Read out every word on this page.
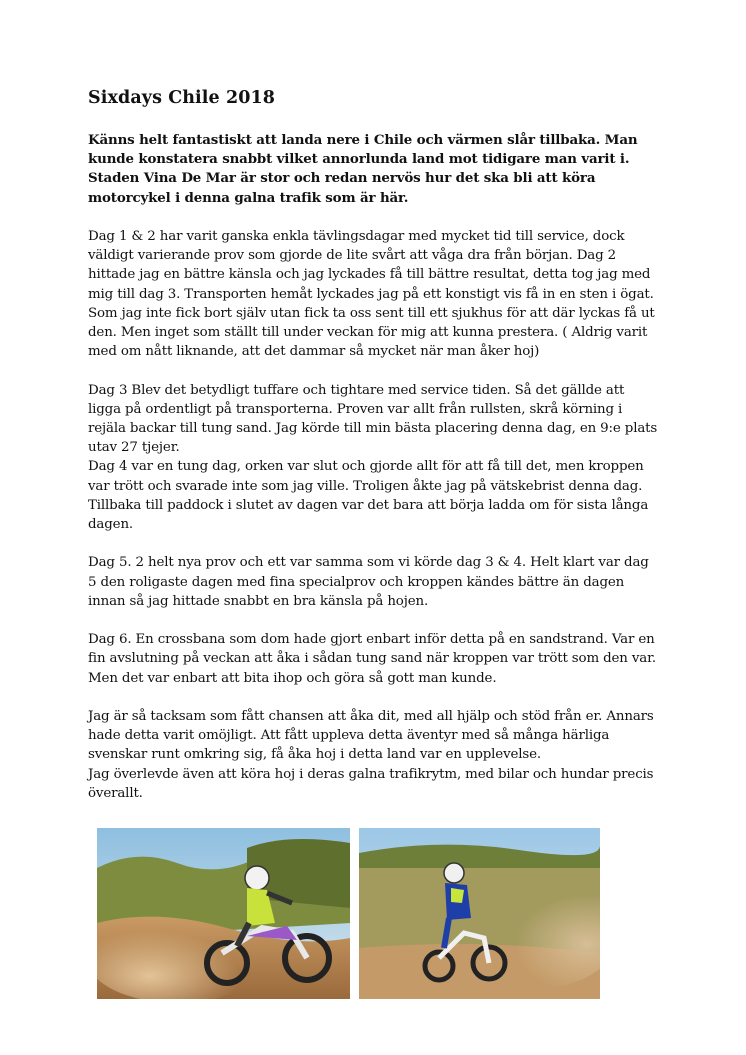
Sixdays Chile 2018

Känns helt fantastiskt att landa nere i Chile och värmen slår tillbaka. Man kunde konstatera snabbt vilket annorlunda land mot tidigare man varit i. Staden Vina De Mar är stor och redan nervös hur det ska bli att köra motorcykel i denna galna trafik som är här.

Dag 1 & 2 har varit ganska enkla tävlingsdagar med mycket tid till service, dock väldigt varierande prov som gjorde de lite svårt att våga dra från början. Dag 2 hittade jag en bättre känsla och jag lyckades få till bättre resultat, detta tog jag med mig till dag 3. Transporten hemåt lyckades jag på ett konstigt vis få in en sten i ögat. Som jag inte fick bort själv utan fick ta oss sent till ett sjukhus för att där lyckas få ut den. Men inget som ställt till under veckan för mig att kunna prestera. ( Aldrig varit med om nått liknande, att det dammar så mycket när man åker hoj)

Dag 3 Blev det betydligt tuffare och tightare med service tiden. Så det gällde att ligga på ordentligt på transporterna. Proven var allt från rullsten, skrå körning i rejäla backar till tung sand. Jag körde till min bästa placering denna dag, en 9:e plats utav 27 tjejer.

Dag 4 var en tung dag, orken var slut och gjorde allt för att få till det, men kroppen var trött och svarade inte som jag ville. Troligen åkte jag på vätskebrist denna dag. Tillbaka till paddock i slutet av dagen var det bara att börja ladda om för sista långa dagen.

Dag 5. 2 helt nya prov och ett var samma som vi körde dag 3 & 4. Helt klart var dag 5 den roligaste dagen med fina specialprov och kroppen kändes bättre än dagen innan så jag hittade snabbt en bra känsla på hojen.

Dag 6. En crossbana som dom hade gjort enbart inför detta på en sandstrand. Var en fin avslutning på veckan att åka i sådan tung sand när kroppen var trött som den var. Men det var enbart att bita ihop och göra så gott man kunde.

Jag är så tacksam som fått chansen att åka dit, med all hjälp och stöd från er. Annars hade detta varit omöjligt. Att fått uppleva detta äventyr med så många härliga svenskar runt omkring sig, få åka hoj i detta land var en upplevelse.

Jag överlevde även att köra hoj i deras galna trafikrytm, med bilar och hundar precis överallt.
